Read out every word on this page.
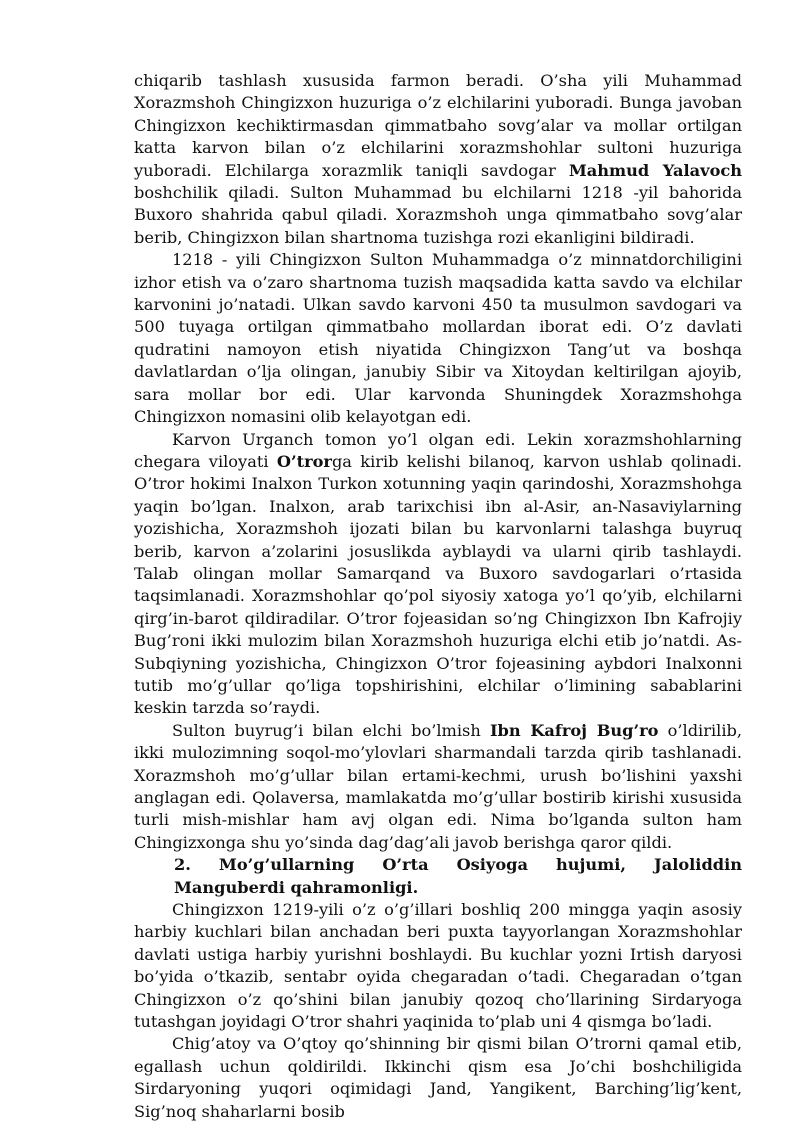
chiqarib tashlash xususida farmon beradi. O’sha yili Muhammad Xorazmshoh Chingizxon huzuriga o’z elchilarini yuboradi. Bunga javoban Chingizxon kechiktirmasdan qimmatbaho sovg’alar va mollar ortilgan katta karvon bilan o’z elchilarini xorazmshohlar sultoni huzuriga yuboradi. Elchilarga xorazmlik taniqli savdogar Mahmud Yalavoch boshchilik qiladi. Sulton Muhammad bu elchilarni 1218 -yil bahorida Buxoro shahrida qabul qiladi. Xorazmshoh unga qimmatbaho sovg’alar berib, Chingizxon bilan shartnoma tuzishga rozi ekanligini bildiradi.

1218 - yili Chingizxon Sulton Muhammadga o’z minnatdorchiligini izhor etish va o’zaro shartnoma tuzish maqsadida katta savdo va elchilar karvonini jo’natadi. Ulkan savdo karvoni 450 ta musulmon savdogari va 500 tuyaga ortilgan qimmatbaho mollardan iborat edi. O’z davlati qudratini namoyon etish niyatida Chingizxon Tang’ut va boshqa davlatlardan o’lja olingan, janubiy Sibir va Xitoydan keltirilgan ajoyib, sara mollar bor edi. Ular karvonda Shuningdek Xorazmshohga Chingizxon nomasini olib kelayotgan edi.

Karvon Urganch tomon yo’l olgan edi. Lekin xorazmshohlarning chegara viloyati O’trorga kirib kelishi bilanoq, karvon ushlab qolinadi. O’tror hokimi Inalxon Turkon xotunning yaqin qarindoshi, Xorazmshohga yaqin bo’lgan. Inalxon, arab tarixchisi ibn al-Asir, an-Nasaviylarning yozishicha, Xorazmshoh ijozati bilan bu karvonlarni talashga buyruq berib, karvon a’zolarini josuslikda ayblaydi va ularni qirib tashlaydi. Talab olingan mollar Samarqand va Buxoro savdogarlari o’rtasida taqsimlanadi. Xorazmshohlar qo’pol siyosiy xatoga yo’l qo’yib, elchilarni qirg’in-barot qildiradilar. O’tror fojeasidan so’ng Chingizxon Ibn Kafrojiy Bug’roni ikki mulozim bilan Xorazmshoh huzuriga elchi etib jo’natdi. As-Subqiyning yozishicha, Chingizxon O’tror fojeasining aybdori Inalxonni tutib mo’g’ullar qo’liga topshirishini, elchilar o’limining sabablarini keskin tarzda so’raydi.

Sulton buyrug’i bilan elchi bo’lmish Ibn Kafroj Bug’ro o’ldirilib, ikki mulozimning soqol-mo’ylovlari sharmandali tarzda qirib tashlanadi. Xorazmshoh mo’g’ullar bilan ertami-kechmi, urush bo’lishini yaxshi anglagan edi. Qolaversa, mamlakatda mo’g’ullar bostirib kirishi xususida turli mish-mishlar ham avj olgan edi. Nima bo’lganda sulton ham Chingizxonga shu yo’sinda dag’dag’ali javob berishga qaror qildi.

2. Mo’g’ullarning O’rta Osiyoga hujumi, Jaloliddin Manguberdi qahramonligi.

Chingizxon 1219-yili o’z o’g’illari boshliq 200 mingga yaqin asosiy harbiy kuchlari bilan anchadan beri puxta tayyorlangan Xorazmshohlar davlati ustiga harbiy yurishni boshlaydi. Bu kuchlar yozni Irtish daryosi bo’yida o’tkazib, sentabr oyida chegaradan o’tadi. Chegaradan o’tgan Chingizxon o’z qo’shini bilan janubiy qozoq cho’llarining Sirdaryoga tutashgan joyidagi O’tror shahri yaqinida to’plab uni 4 qismga bo’ladi.

Chig’atoy va O’qtoy qo’shinning bir qismi bilan O’trorni qamal etib, egallash uchun qoldirildi. Ikkinchi qism esa Jo’chi boshchiligida Sirdaryoning yuqori oqimidagi Jand, Yangikent, Barching’lig’kent, Sig’noq shaharlarni bosib
